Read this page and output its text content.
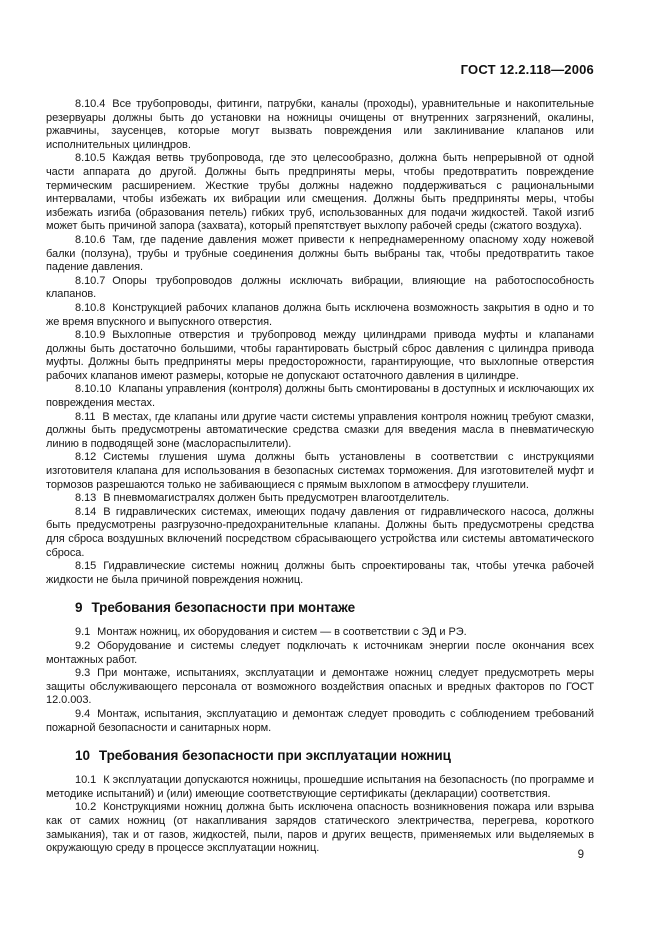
ГОСТ 12.2.118—2006

8.10.4 Все трубопроводы, фитинги, патрубки, каналы (проходы), уравнительные и накопительные резервуары должны быть до установки на ножницы очищены от внутренних загрязнений, окалины, ржавчины, заусенцев, которые могут вызвать повреждения или заклинивание клапанов или исполнительных цилиндров.

8.10.5 Каждая ветвь трубопровода, где это целесообразно, должна быть непрерывной от одной части аппарата до другой. Должны быть предприняты меры, чтобы предотвратить повреждение термическим расширением. Жесткие трубы должны надежно поддерживаться с рациональными интервалами, чтобы избежать их вибрации или смещения. Должны быть предприняты меры, чтобы избежать изгиба (образования петель) гибких труб, использованных для подачи жидкостей. Такой изгиб может быть причиной запора (захвата), который препятствует выхлопу рабочей среды (сжатого воздуха).

8.10.6 Там, где падение давления может привести к непреднамеренному опасному ходу ножевой балки (ползуна), трубы и трубные соединения должны быть выбраны так, чтобы предотвратить такое падение давления.

8.10.7 Опоры трубопроводов должны исключать вибрации, влияющие на работоспособность клапанов.

8.10.8 Конструкцией рабочих клапанов должна быть исключена возможность закрытия в одно и то же время впускного и выпускного отверстия.

8.10.9 Выхлопные отверстия и трубопровод между цилиндрами привода муфты и клапанами должны быть достаточно большими, чтобы гарантировать быстрый сброс давления с цилиндра привода муфты. Должны быть предприняты меры предосторожности, гарантирующие, что выхлопные отверстия рабочих клапанов имеют размеры, которые не допускают остаточного давления в цилиндре.

8.10.10 Клапаны управления (контроля) должны быть смонтированы в доступных и исключающих их повреждения местах.

8.11 В местах, где клапаны или другие части системы управления контроля ножниц требуют смазки, должны быть предусмотрены автоматические средства смазки для введения масла в пневматическую линию в подводящей зоне (маслораспылители).

8.12 Системы глушения шума должны быть установлены в соответствии с инструкциями изготовителя клапана для использования в безопасных системах торможения. Для изготовителей муфт и тормозов разрешаются только не забивающиеся с прямым выхлопом в атмосферу глушители.

8.13 В пневмомагистралях должен быть предусмотрен влагоотделитель.

8.14 В гидравлических системах, имеющих подачу давления от гидравлического насоса, должны быть предусмотрены разгрузочно-предохранительные клапаны. Должны быть предусмотрены средства для сброса воздушных включений посредством сбрасывающего устройства или системы автоматического сброса.

8.15 Гидравлические системы ножниц должны быть спроектированы так, чтобы утечка рабочей жидкости не была причиной повреждения ножниц.

9 Требования безопасности при монтаже

9.1 Монтаж ножниц, их оборудования и систем — в соответствии с ЭД и РЭ.

9.2 Оборудование и системы следует подключать к источникам энергии после окончания всех монтажных работ.

9.3 При монтаже, испытаниях, эксплуатации и демонтаже ножниц следует предусмотреть меры защиты обслуживающего персонала от возможного воздействия опасных и вредных факторов по ГОСТ 12.0.003.

9.4 Монтаж, испытания, эксплуатацию и демонтаж следует проводить с соблюдением требований пожарной безопасности и санитарных норм.

10 Требования безопасности при эксплуатации ножниц

10.1 К эксплуатации допускаются ножницы, прошедшие испытания на безопасность (по программе и методике испытаний) и (или) имеющие соответствующие сертификаты (декларации) соответствия.

10.2 Конструкциями ножниц должна быть исключена опасность возникновения пожара или взрыва как от самих ножниц (от накапливания зарядов статического электричества, перегрева, короткого замыкания), так и от газов, жидкостей, пыли, паров и других веществ, применяемых или выделяемых в окружающую среду в процессе эксплуатации ножниц.

9
